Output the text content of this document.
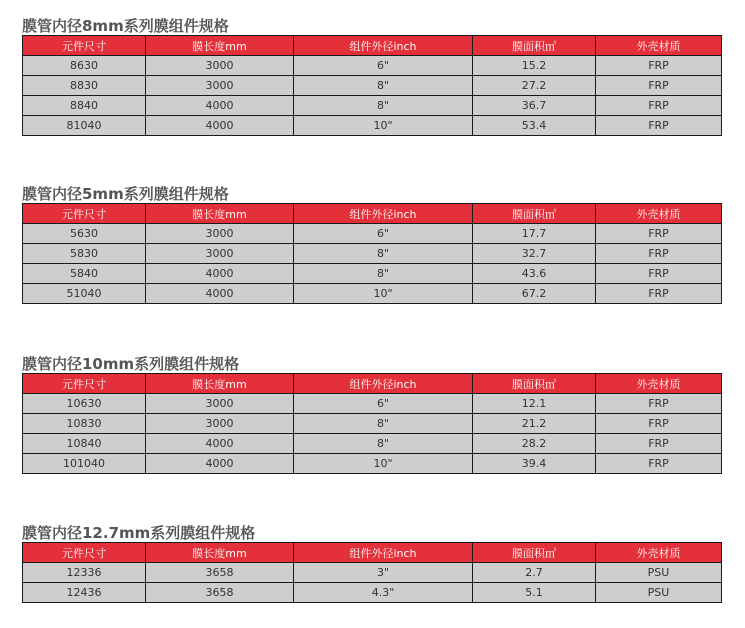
膜管内径8mm系列膜组件规格
元件尺寸	膜长度mm	组件外径inch	膜面积㎡	外壳材质
8630	3000	6"	15.2	FRP
8830	3000	8"	27.2	FRP
8840	4000	8"	36.7	FRP
81040	4000	10"	53.4	FRP
膜管内径5mm系列膜组件规格
元件尺寸	膜长度mm	组件外径inch	膜面积㎡	外壳材质
5630	3000	6"	17.7	FRP
5830	3000	8"	32.7	FRP
5840	4000	8"	43.6	FRP
51040	4000	10"	67.2	FRP
膜管内径10mm系列膜组件规格
元件尺寸	膜长度mm	组件外径inch	膜面积㎡	外壳材质
10630	3000	6"	12.1	FRP
10830	3000	8"	21.2	FRP
10840	4000	8"	28.2	FRP
101040	4000	10"	39.4	FRP
膜管内径12.7mm系列膜组件规格
元件尺寸	膜长度mm	组件外径inch	膜面积㎡	外壳材质
12336	3658	3"	2.7	PSU
12436	3658	4.3"	5.1	PSU
